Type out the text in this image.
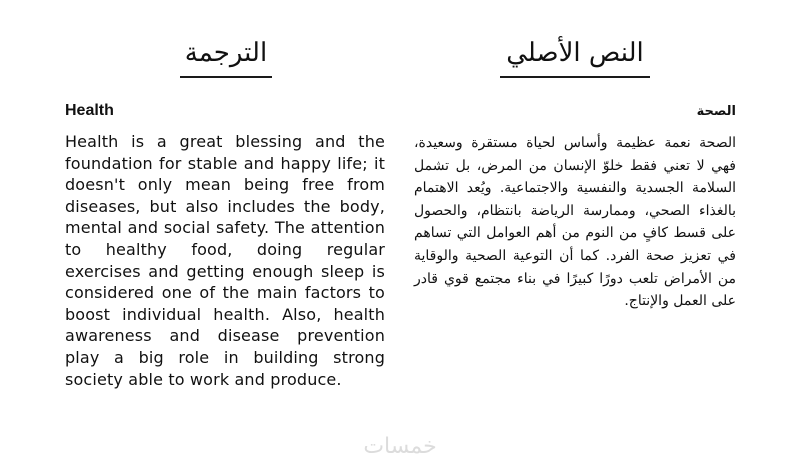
الترجمة	النص الأصلي
Health
Health is a great blessing and the foundation for stable and happy life; it doesn't only mean being free from diseases, but also includes the body, mental and social safety. The attention to healthy food, doing regular exercises and getting enough sleep is considered one of the main factors to boost individual health. Also, health awareness and disease prevention play a big role in building strong society able to work and produce.
الصحة
الصحة نعمة عظيمة وأساس لحياة مستقرة وسعيدة، فهي لا تعني فقط خلوّ الإنسان من المرض، بل تشمل السلامة الجسدية والنفسية والاجتماعية. ويُعد الاهتمام بالغذاء الصحي، وممارسة الرياضة بانتظام، والحصول على قسط كافٍ من النوم من أهم العوامل التي تساهم في تعزيز صحة الفرد. كما أن التوعية الصحية والوقاية من الأمراض تلعب دورًا كبيرًا في بناء مجتمع قوي قادر على العمل والإنتاج.
خمسات
